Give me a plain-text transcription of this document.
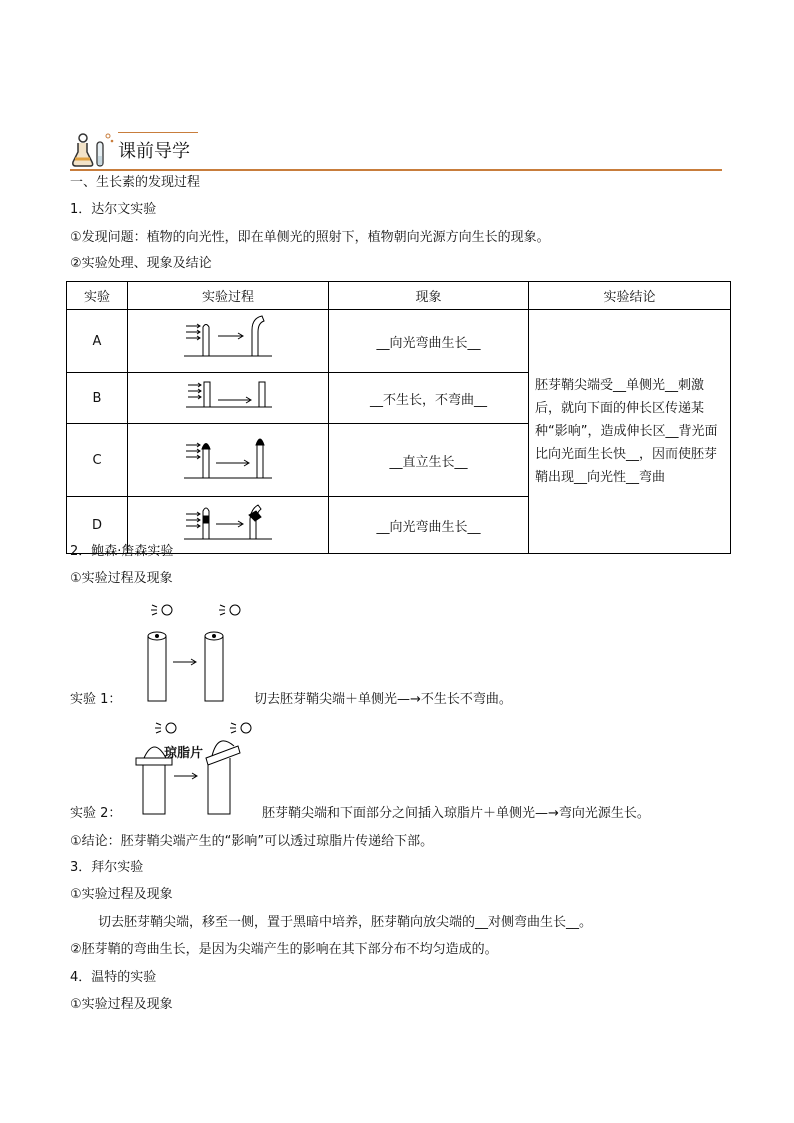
课前导学
一、生长素的发现过程
1．达尔文实验
①发现问题：植物的向光性，即在单侧光的照射下，植物朝向光源方向生长的现象。
②实验处理、现象及结论
实验	实验过程	现象	实验结论
A		__向光弯曲生长__	胚芽鞘尖端受__单侧光__刺激后，就向下面的伸长区传递某种“影响”，造成伸长区__背光面比向光面生长快__，因而使胚芽鞘出现__向光性__弯曲
B		__不生长，不弯曲__	
C		__直立生长__	
D		__向光弯曲生长__	
2．鲍森·詹森实验
①实验过程及现象
实验 1：	切去胚芽鞘尖端＋单侧光—→不生长不弯曲。
琼脂片
实验 2：	胚芽鞘尖端和下面部分之间插入琼脂片＋单侧光—→弯向光源生长。
①结论：胚芽鞘尖端产生的“影响”可以透过琼脂片传递给下部。
3．拜尔实验
①实验过程及现象
切去胚芽鞘尖端，移至一侧，置于黑暗中培养，胚芽鞘向放尖端的__对侧弯曲生长__。
②胚芽鞘的弯曲生长，是因为尖端产生的影响在其下部分布不均匀造成的。
4．温特的实验
①实验过程及现象
